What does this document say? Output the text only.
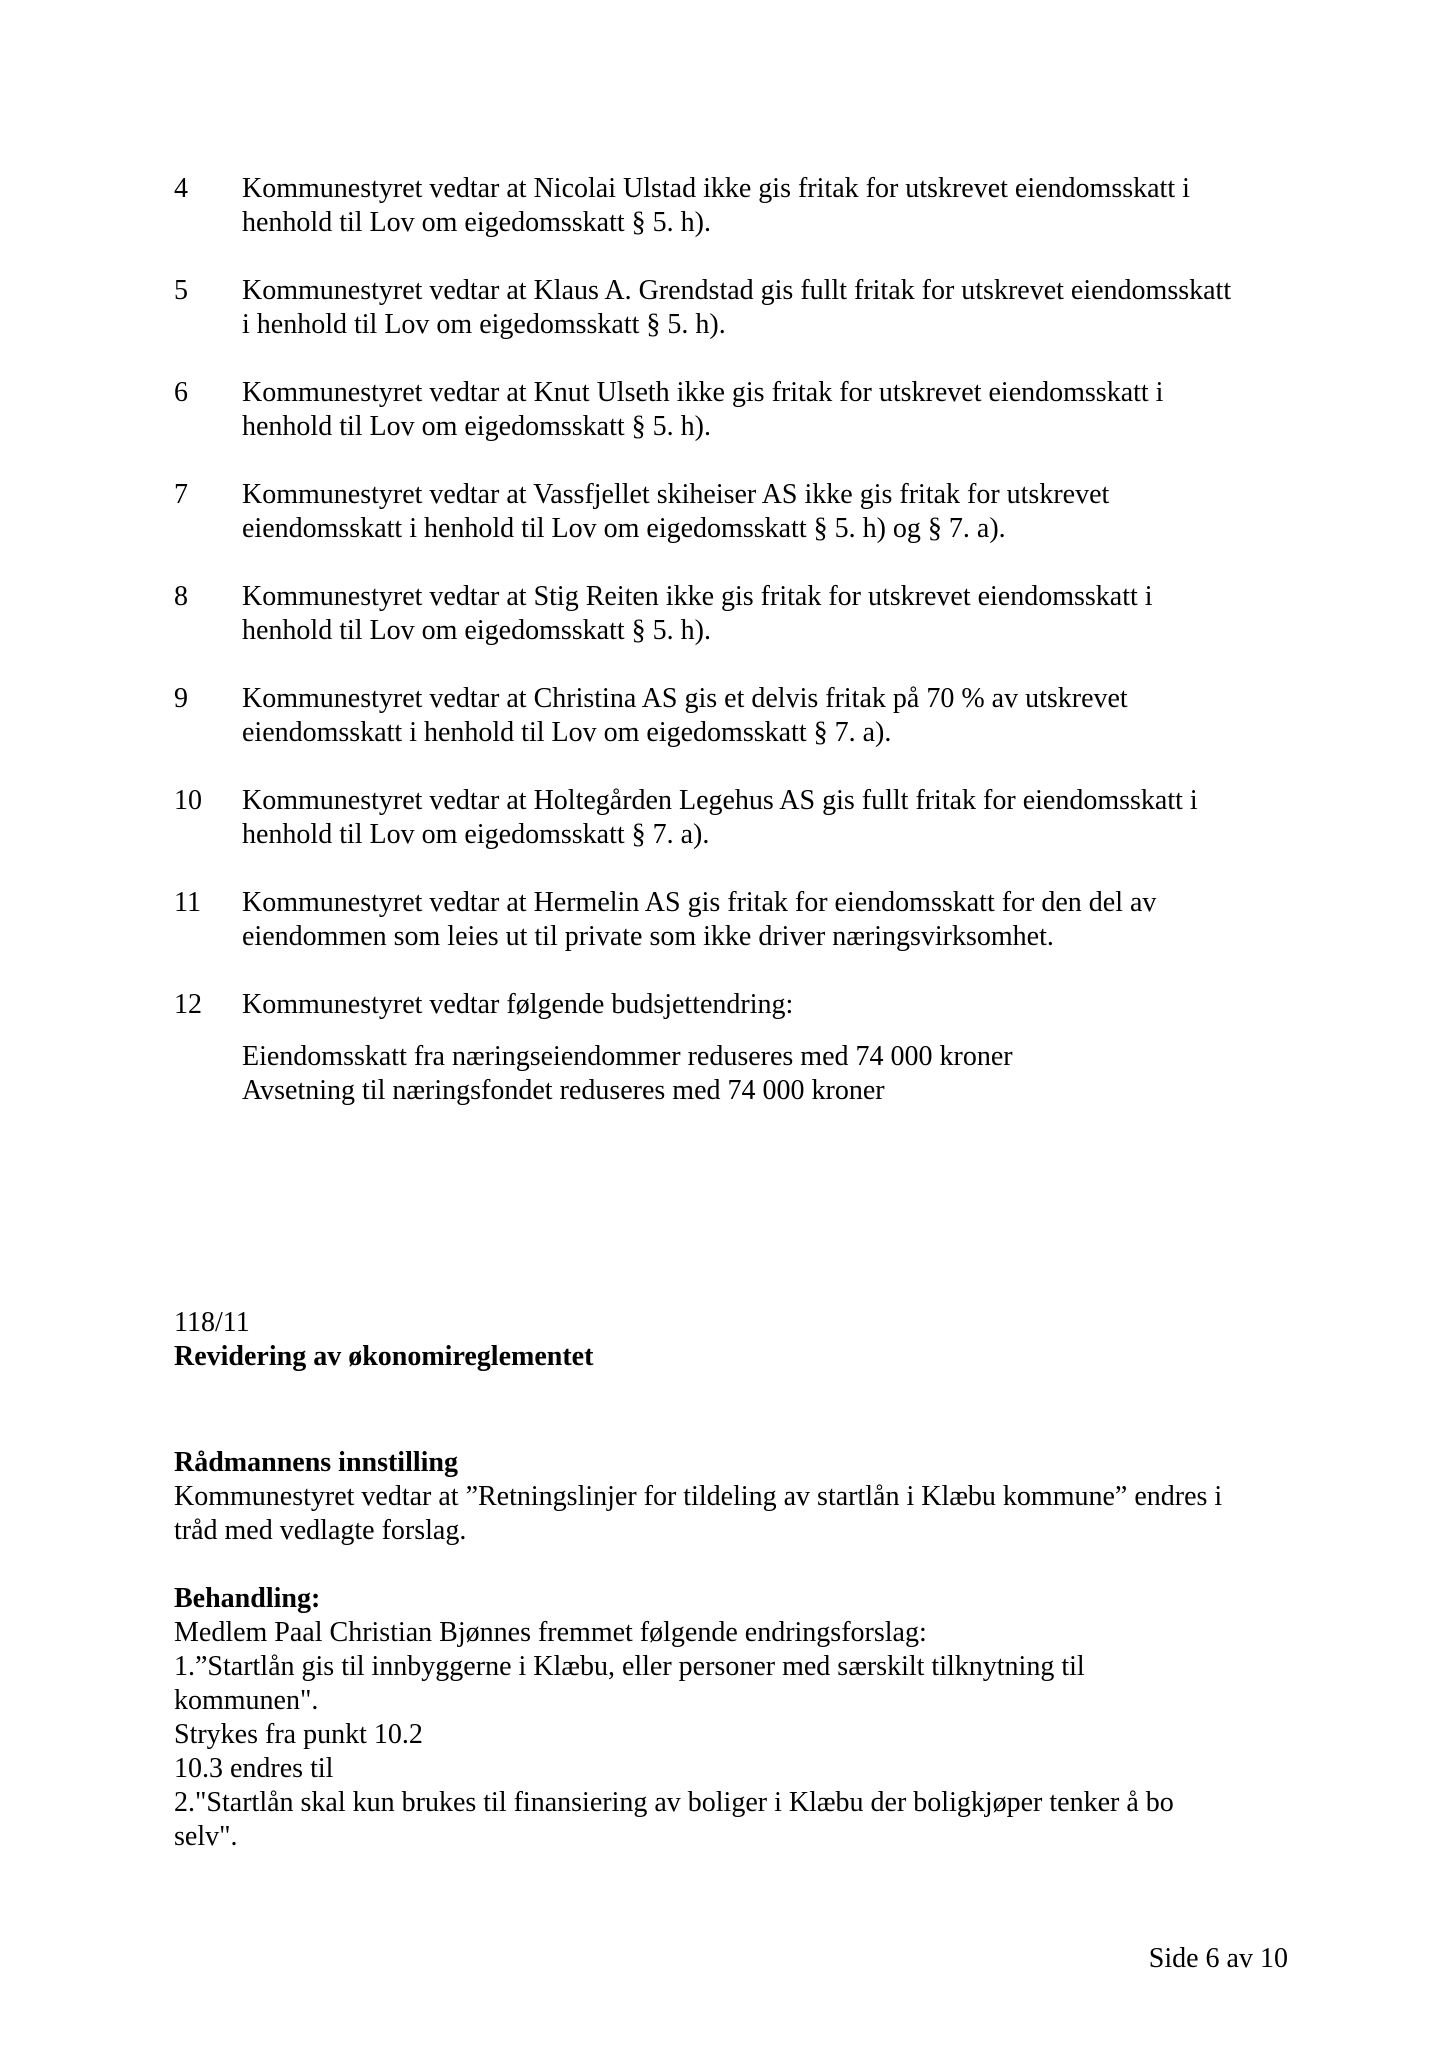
4 Kommunestyret vedtar at Nicolai Ulstad ikke gis fritak for utskrevet eiendomsskatt i
henhold til Lov om eigedomsskatt § 5. h).
5 Kommunestyret vedtar at Klaus A. Grendstad gis fullt fritak for utskrevet eiendomsskatt
i henhold til Lov om eigedomsskatt § 5. h).
6 Kommunestyret vedtar at Knut Ulseth ikke gis fritak for utskrevet eiendomsskatt i
henhold til Lov om eigedomsskatt § 5. h).
7 Kommunestyret vedtar at Vassfjellet skiheiser AS ikke gis fritak for utskrevet
eiendomsskatt i henhold til Lov om eigedomsskatt § 5. h) og § 7. a).
8 Kommunestyret vedtar at Stig Reiten ikke gis fritak for utskrevet eiendomsskatt i
henhold til Lov om eigedomsskatt § 5. h).
9 Kommunestyret vedtar at Christina AS gis et delvis fritak på 70 % av utskrevet
eiendomsskatt i henhold til Lov om eigedomsskatt § 7. a).
10 Kommunestyret vedtar at Holtegården Legehus AS gis fullt fritak for eiendomsskatt i
henhold til Lov om eigedomsskatt § 7. a).
11 Kommunestyret vedtar at Hermelin AS gis fritak for eiendomsskatt for den del av
eiendommen som leies ut til private som ikke driver næringsvirksomhet.
12 Kommunestyret vedtar følgende budsjettendring:
Eiendomsskatt fra næringseiendommer reduseres med 74 000 kroner
Avsetning til næringsfondet reduseres med 74 000 kroner
118/11
Revidering av økonomireglementet
Rådmannens innstilling
Kommunestyret vedtar at ”Retningslinjer for tildeling av startlån i Klæbu kommune” endres i
tråd med vedlagte forslag.
Behandling:
Medlem Paal Christian Bjønnes fremmet følgende endringsforslag:
1.”Startlån gis til innbyggerne i Klæbu, eller personer med særskilt tilknytning til
kommunen".
Strykes fra punkt 10.2
10.3 endres til
2."Startlån skal kun brukes til finansiering av boliger i Klæbu der boligkjøper tenker å bo
selv".
Side 6 av 10
